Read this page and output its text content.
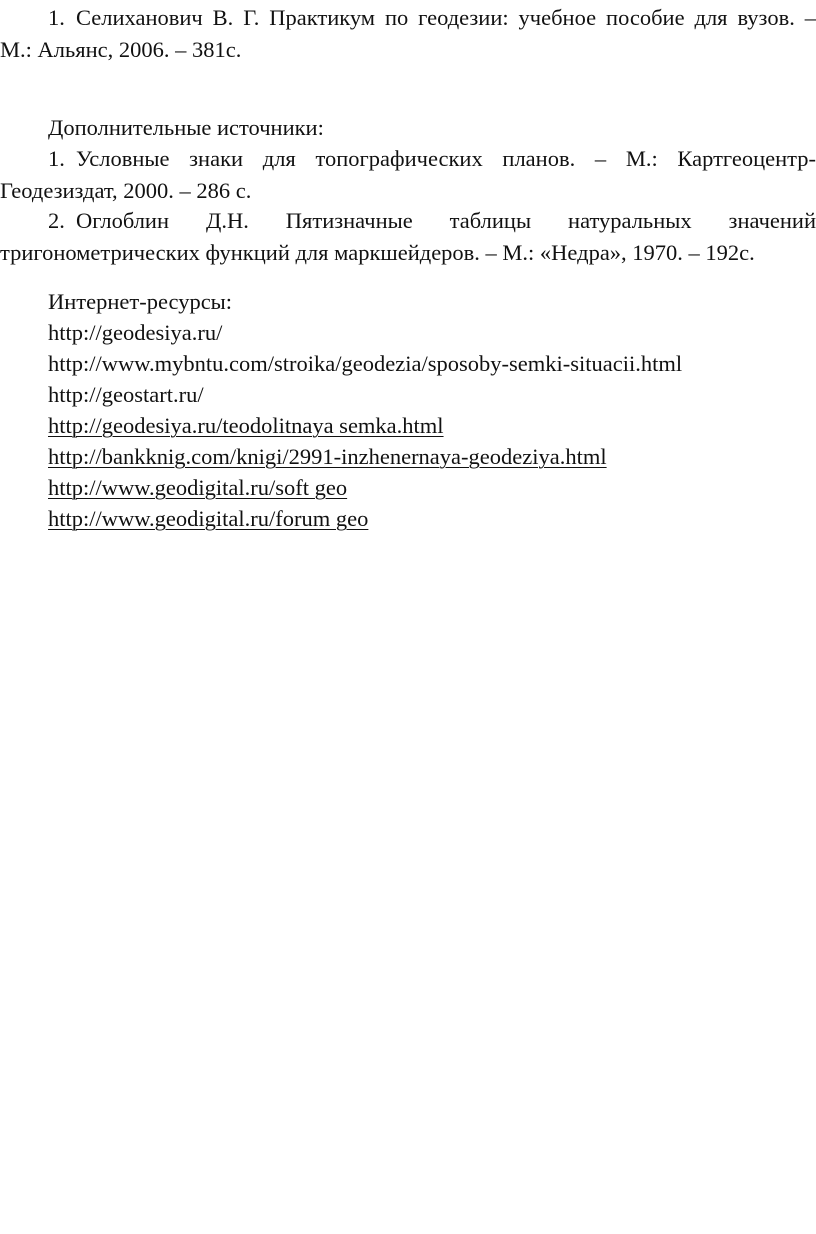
1. Селиханович В. Г. Практикум по геодезии: учебное пособие для вузов. –
М.: Альянс, 2006. – 381с.
Дополнительные источники:
1. Условные знаки для топографических планов. – М.: Картгеоцентр-
Геодезиздат, 2000. – 286 с.
2. Оглоблин Д.Н. Пятизначные таблицы натуральных значений
тригонометрических функций для маркшейдеров. – М.: «Недра», 1970. – 192с.
Интернет-ресурсы:
http://geodesiya.ru/
http://www.mybntu.com/stroika/geodezia/sposoby-semki-situacii.html
http://geostart.ru/
http://geodesiya.ru/teodolitnaya semka.html
http://bankknig.com/knigi/2991-inzhenernaya-geodeziya.html
http://www.geodigital.ru/soft geo
http://www.geodigital.ru/forum geo
